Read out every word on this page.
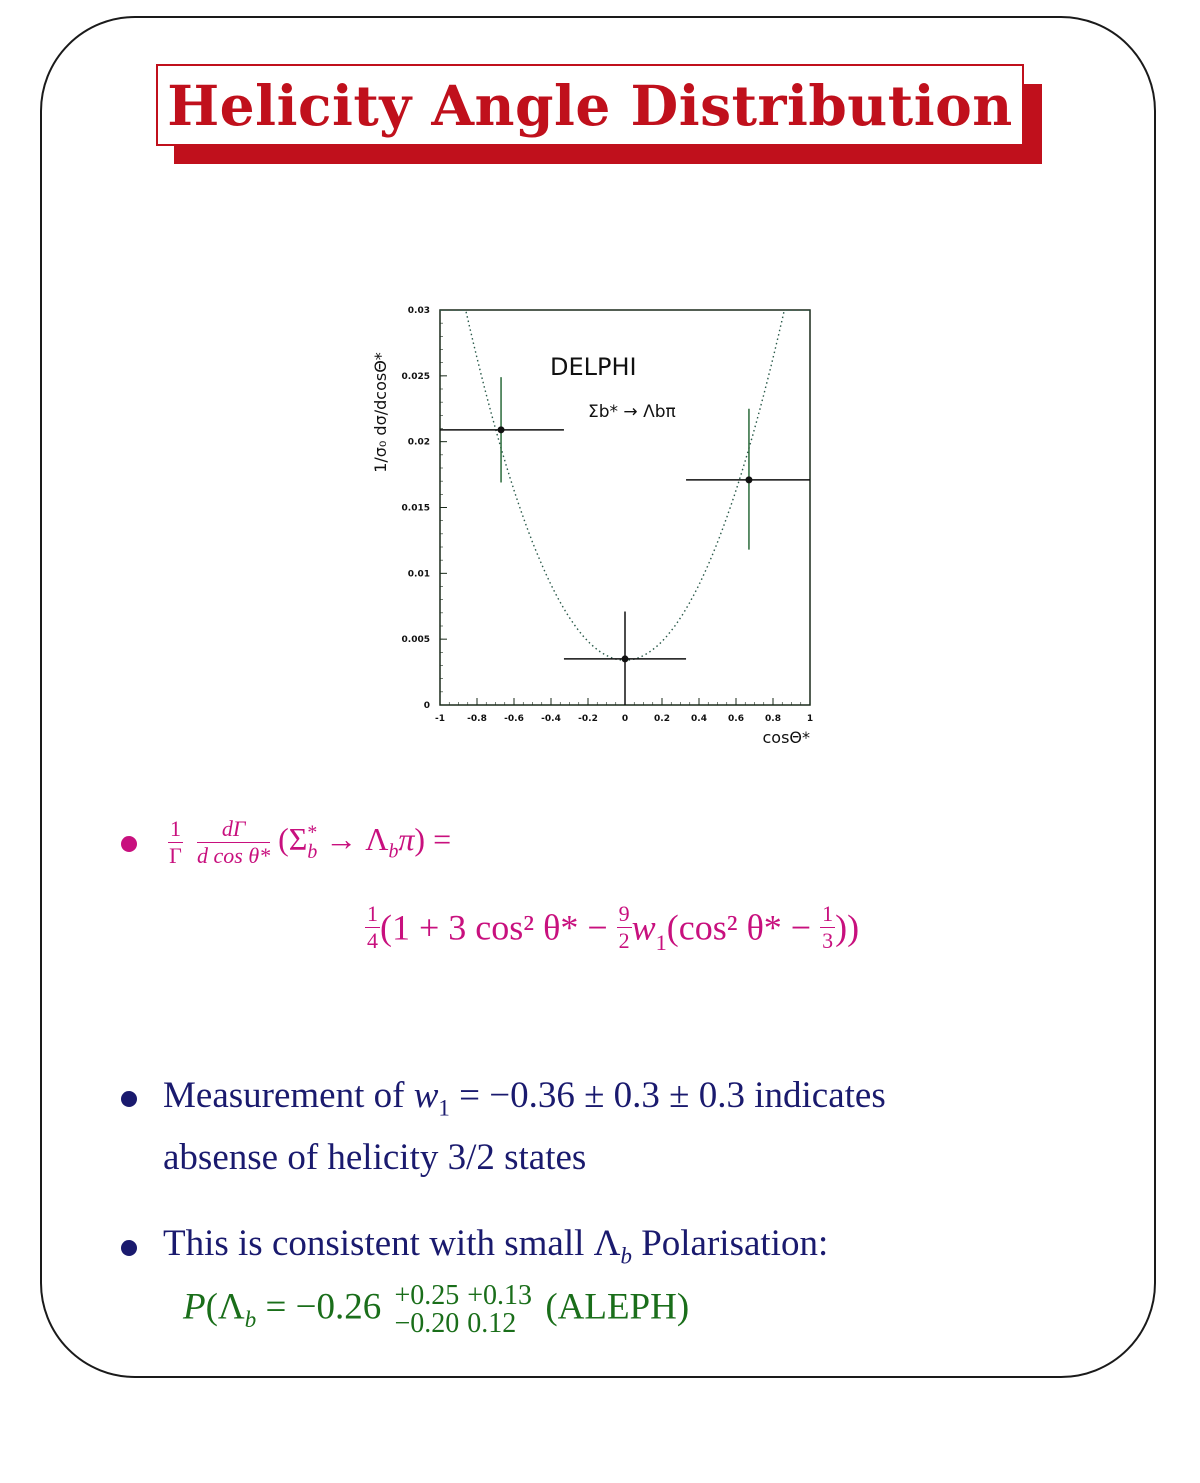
Helicity Angle Distribution
-1 -0.8 -0.6 -0.4 -0.2	0	0.2 0.4 0.6 0.8	1
0
0.005
0.01
0.015
0.02
0.025
0.03
cosΘ*
1/σ₀ dσ/dcosΘ*	DELPHI
Σb* → Λbπ
$\frac{1}{\Gamma}$
$\frac{d\Gamma}{\text{d cos θ*}} (\Sigma^*_b \to \Lambda_b\pi)$ =
$\frac{1}{4} (1 + 3$ cos² $\theta* - \frac{9}{2} w_1(\cos^2$ $\theta* - \frac{1}{3}$ ))
Measurement of $w_1 = -0.36 \pm 0.3 \pm 0.3$ indicates
absense of helicity 3/2 states
This is consistent with small $\Lambda_b$ Polarisation:
$P(\Lambda_b = -0.26 +0.25$
−0.20
+0.13
0.12 (ALEPH)
